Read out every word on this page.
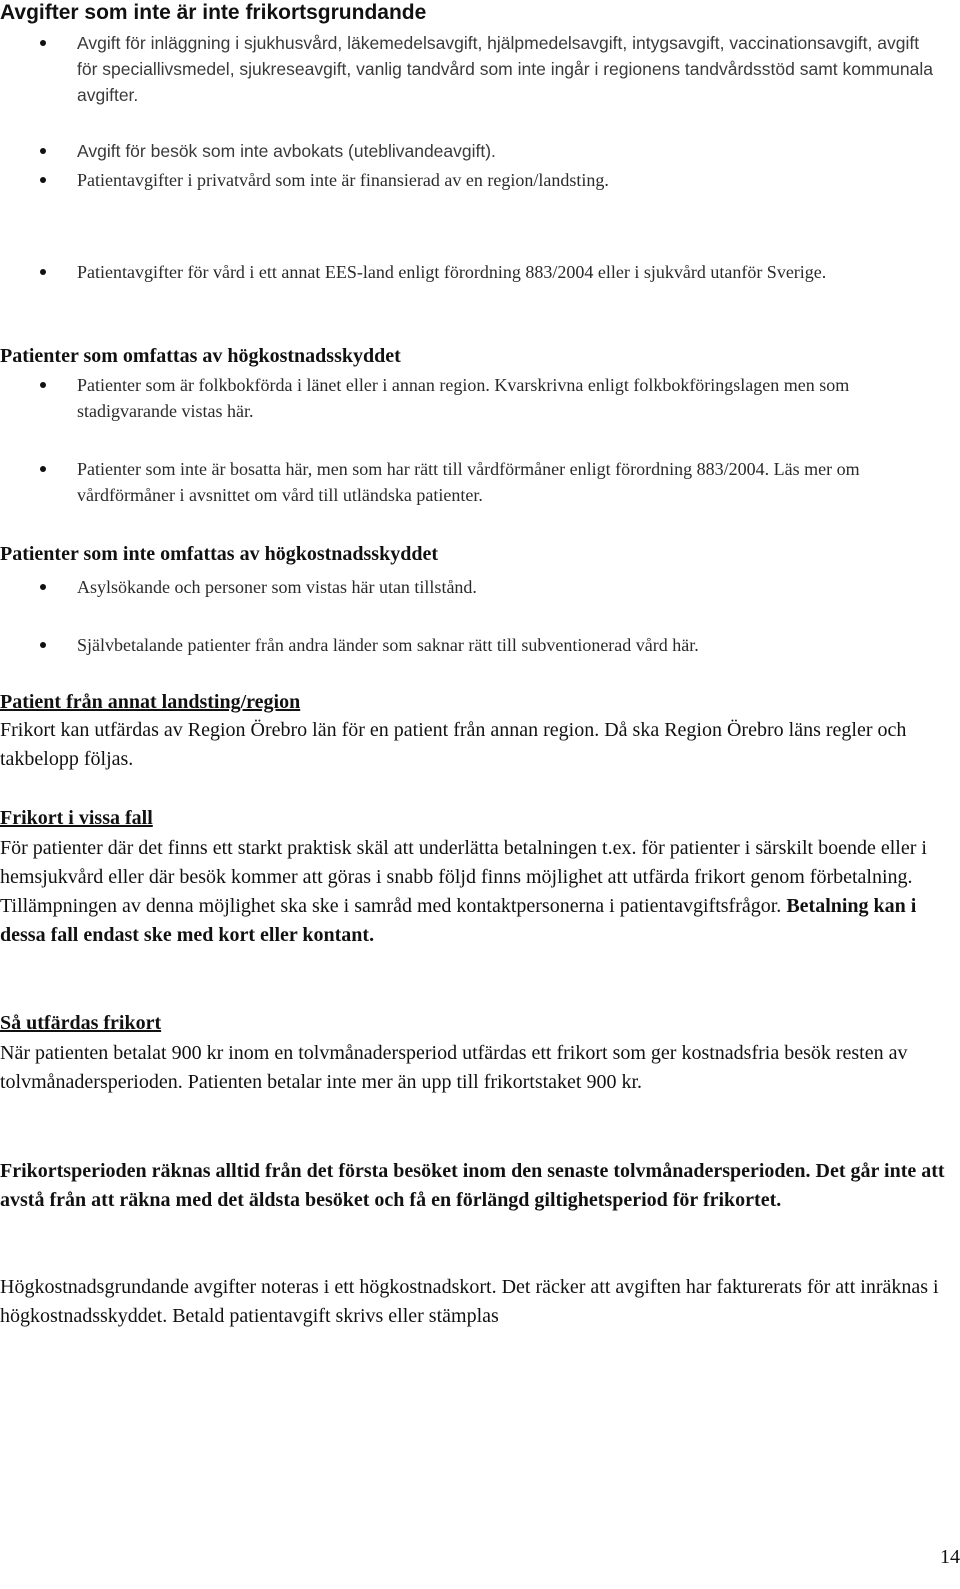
Avgifter som inte är inte frikortsgrundande
Avgift för inläggning i sjukhusvård, läkemedelsavgift, hjälpmedelsavgift, intygsavgift, vaccinationsavgift, avgift för speciallivsmedel, sjukreseavgift, vanlig tandvård som inte ingår i regionens tandvårdsstöd samt kommunala avgifter.
Avgift för besök som inte avbokats (uteblivandeavgift).
Patientavgifter i privatvård som inte är finansierad av en region/landsting.
Patientavgifter för vård i ett annat EES-land enligt förordning 883/2004 eller i sjukvård utanför Sverige.
Patienter som omfattas av högkostnadsskyddet
Patienter som är folkbokförda i länet eller i annan region. Kvarskrivna enligt folkbokföringslagen men som stadigvarande vistas här.
Patienter som inte är bosatta här, men som har rätt till vårdförmåner enligt förordning 883/2004. Läs mer om vårdförmåner i avsnittet om vård till utländska patienter.
Patienter som inte omfattas av högkostnadsskyddet
Asylsökande och personer som vistas här utan tillstånd.
Självbetalande patienter från andra länder som saknar rätt till subventionerad vård här.
Patient från annat landsting/region

Frikort kan utfärdas av Region Örebro län för en patient från annan region. Då ska Region Örebro läns regler och takbelopp följas.

Frikort i vissa fall

För patienter där det finns ett starkt praktisk skäl att underlätta betalningen t.ex. för patienter i särskilt boende eller i hemsjukvård eller där besök kommer att göras i snabb följd finns möjlighet att utfärda frikort genom förbetalning. Tillämpningen av denna möjlighet ska ske i samråd med kontaktpersonerna i patientavgiftsfrågor. Betalning kan i dessa fall endast ske med kort eller kontant.

Så utfärdas frikort

När patienten betalat 900 kr inom en tolvmånadersperiod utfärdas ett frikort som ger kostnadsfria besök resten av tolvmånadersperioden. Patienten betalar inte mer än upp till frikortstaket 900 kr.

Frikortsperioden räknas alltid från det första besöket inom den senaste tolvmånadersperioden. Det går inte att avstå från att räkna med det äldsta besöket och få en förlängd giltighetsperiod för frikortet.

Högkostnadsgrundande avgifter noteras i ett högkostnadskort. Det räcker att avgiften har fakturerats för att inräknas i högkostnadsskyddet. Betald patientavgift skrivs eller stämplas

14
